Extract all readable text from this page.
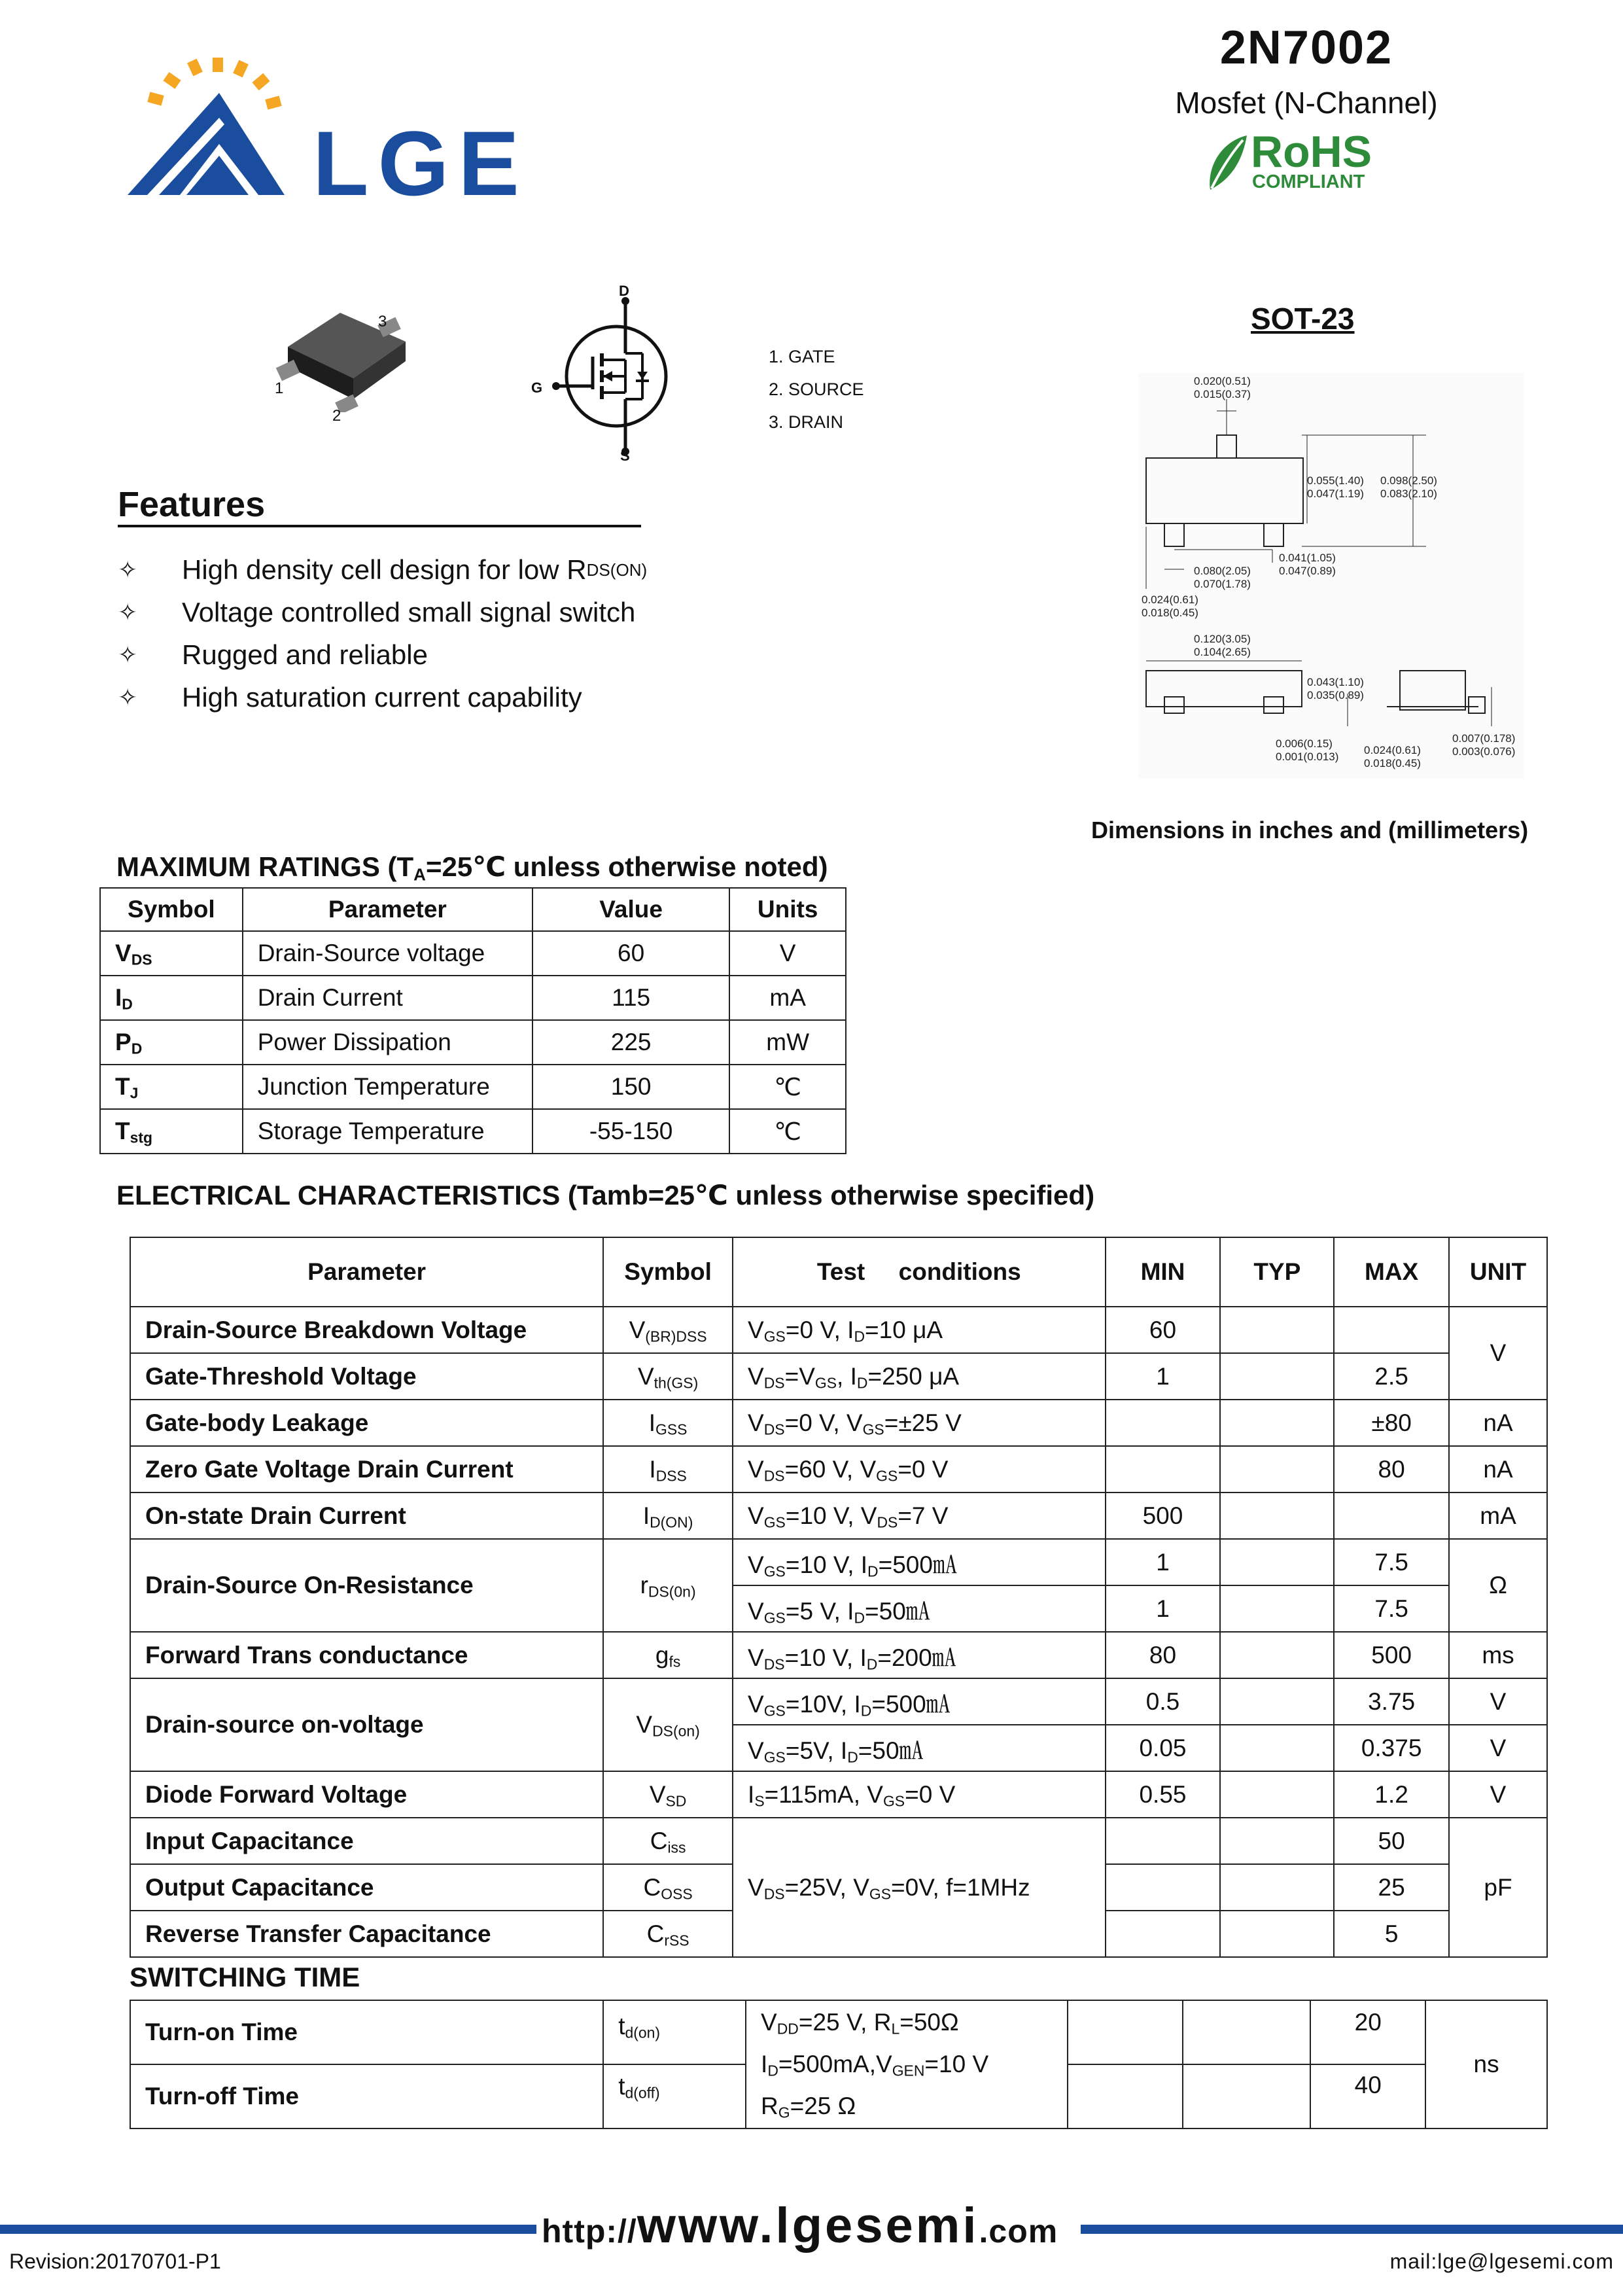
LGE
2N7002
Mosfet (N-Channel)
RoHS
COMPLIANT
1
2
3
D
G
S
1. GATE
2. SOURCE
3. DRAIN
SOT-23
0.020(0.51)
0.015(0.37)
0.055(1.40)
0.047(1.19)
0.098(2.50)
0.083(2.10)
0.041(1.05)
0.047(0.89)
0.080(2.05)
0.070(1.78)
0.024(0.61)
0.018(0.45)
0.120(3.05)
0.104(2.65)
0.043(1.10)
0.035(0.89)
0.006(0.15)
0.001(0.013)
0.024(0.61)
0.018(0.45)
0.007(0.178)
0.003(0.076)
Dimensions in inches and (millimeters)
Features
✧	High density cell design for low R DS(ON)
✧	Voltage controlled small signal switch
✧	Rugged and reliable
✧	High saturation current capability
MAXIMUM RATINGS ($T_A=25℃$ unless otherwise noted)
Symbol	Parameter	Value	Units
$V_{DS}$	Drain-Source voltage	60	V
$I_D$	Drain Current	115	mA
$P_D$	Power Dissipation	225	mW
$T_J$	Junction Temperature	150	℃
$T_{stg}$	Storage Temperature	-55-150	℃
ELECTRICAL CHARACTERISTICS (Tamb=25℃ unless otherwise specified)
Parameter	Symbol	Test     conditions	MIN	TYP	MAX	UNIT
Drain-Source Breakdown Voltage	$V_{(BR)DSS}$	$V_{GS}=0$ V, $I_D=10$ μA	60			V
Gate-Threshold Voltage	$V_{th(GS)}$	$V_{DS}=V_{GS}$, $I_D=250$ μA	1		2.5	
Gate-body Leakage	$I_{GSS}$	$V_{DS}=0$ V, $V_{GS}=\pm 25$ V			±80	nA
Zero Gate Voltage Drain Current	$I_{DSS}$	$V_{DS}=60$ V, $V_{GS}=0$ V			80	nA
On-state Drain Current	$I_{D(ON)}$	$V_{GS}=10$ V, $V_{DS}=7$ V	500			mA
Drain-Source On-Resistance	$r_{DS(0n)}$	$V_{GS}=10$ V, $I_D=500㎃$	1		7.5	Ω
		$V_{GS}=5$ V, $I_D=50㎃$	1		7.5	
Forward Trans conductance	$g_{fs}$	$V_{DS}=10$ V, $I_D=200㎃$	80		500	ms
Drain-source on-voltage	$V_{DS(on)}$	$V_{GS}=10V$, $I_D=500㎃$	0.5		3.75	V
		$V_{GS}=5V$, $I_D=50㎃$	0.05		0.375	V
Diode Forward Voltage	$V_{SD}$	$I_S=115mA$, $V_{GS}=0$ V	0.55		1.2	V
Input Capacitance	$C_{iss}$	$V_{DS}=25V$, $V_{GS}=0V$, f=1MHz			50	pF
Output Capacitance	$C_{OSS}$				25	
Reverse Transfer Capacitance	$C_{rSS}$				5	
SWITCHING TIME
Turn-on Time	$t_{d(on)}$	$V_{DD}=25$ V, $R_L=50\Omega$
$I_D=500mA,V_{GEN}=10$ V
$R_G=25$ Ω			20	ns
Turn-off Time	$t_{d(off)}$				40	
http://www.lgesemi.com
Revision:20170701-P1	mail:lge@lgesemi.com
